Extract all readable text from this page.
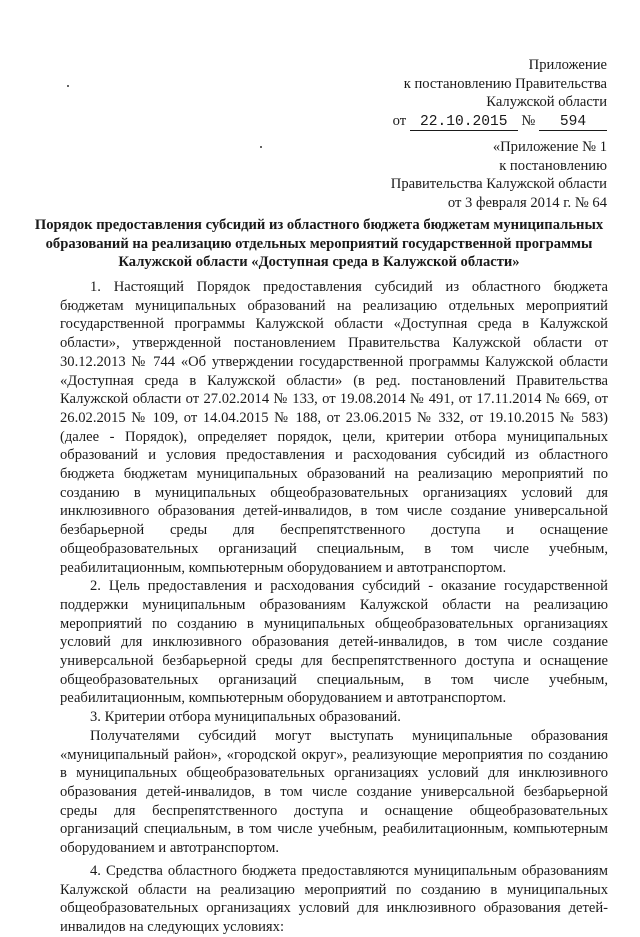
Приложение
к постановлению Правительства
Калужской области
от 22.10.2015 № 594
«Приложение № 1
к постановлению
Правительства Калужской области
от 3 февраля 2014 г. № 64
Порядок предоставления субсидий из областного бюджета бюджетам муниципальных
образований на реализацию отдельных мероприятий государственной программы
Калужской области «Доступная среда в Калужской области»

1. Настоящий Порядок предоставления субсидий из областного бюджета бюджетам муниципальных образований на реализацию отдельных мероприятий государственной программы Калужской области «Доступная среда в Калужской области», утвержденной постановлением Правительства Калужской области от 30.12.2013 № 744 «Об утверждении государственной программы Калужской области «Доступная среда в Калужской области» (в ред. постановлений Правительства Калужской области от 27.02.2014 № 133, от 19.08.2014 № 491, от 17.11.2014 № 669, от 26.02.2015 № 109, от 14.04.2015 № 188, от 23.06.2015 № 332, от 19.10.2015 № 583) (далее - Порядок), определяет порядок, цели, критерии отбора муниципальных образований и условия предоставления и расходования субсидий из областного бюджета бюджетам муниципальных образований на реализацию мероприятий по созданию в муниципальных общеобразовательных организациях условий для инклюзивного образования детей-инвалидов, в том числе создание универсальной безбарьерной среды для беспрепятственного доступа и оснащение общеобразовательных организаций специальным, в том числе учебным, реабилитационным, компьютерным оборудованием и автотранспортом.

2. Цель предоставления и расходования субсидий - оказание государственной поддержки муниципальным образованиям Калужской области на реализацию мероприятий по созданию в муниципальных общеобразовательных организациях условий для инклюзивного образования детей-инвалидов, в том числе создание универсальной безбарьерной среды для беспрепятственного доступа и оснащение общеобразовательных организаций специальным, в том числе учебным, реабилитационным, компьютерным оборудованием и автотранспортом.

3. Критерии отбора муниципальных образований.

Получателями субсидий могут выступать муниципальные образования «муниципальный район», «городской округ», реализующие мероприятия по созданию в муниципальных общеобразовательных организациях условий для инклюзивного образования детей-инвалидов, в том числе создание универсальной безбарьерной среды для беспрепятственного доступа и оснащение общеобразовательных организаций специальным, в том числе учебным, реабилитационным, компьютерным оборудованием и автотранспортом.

4. Средства областного бюджета предоставляются муниципальным образованиям Калужской области на реализацию мероприятий по созданию в муниципальных общеобразовательных организациях условий для инклюзивного образования детей-инвалидов на следующих условиях:
